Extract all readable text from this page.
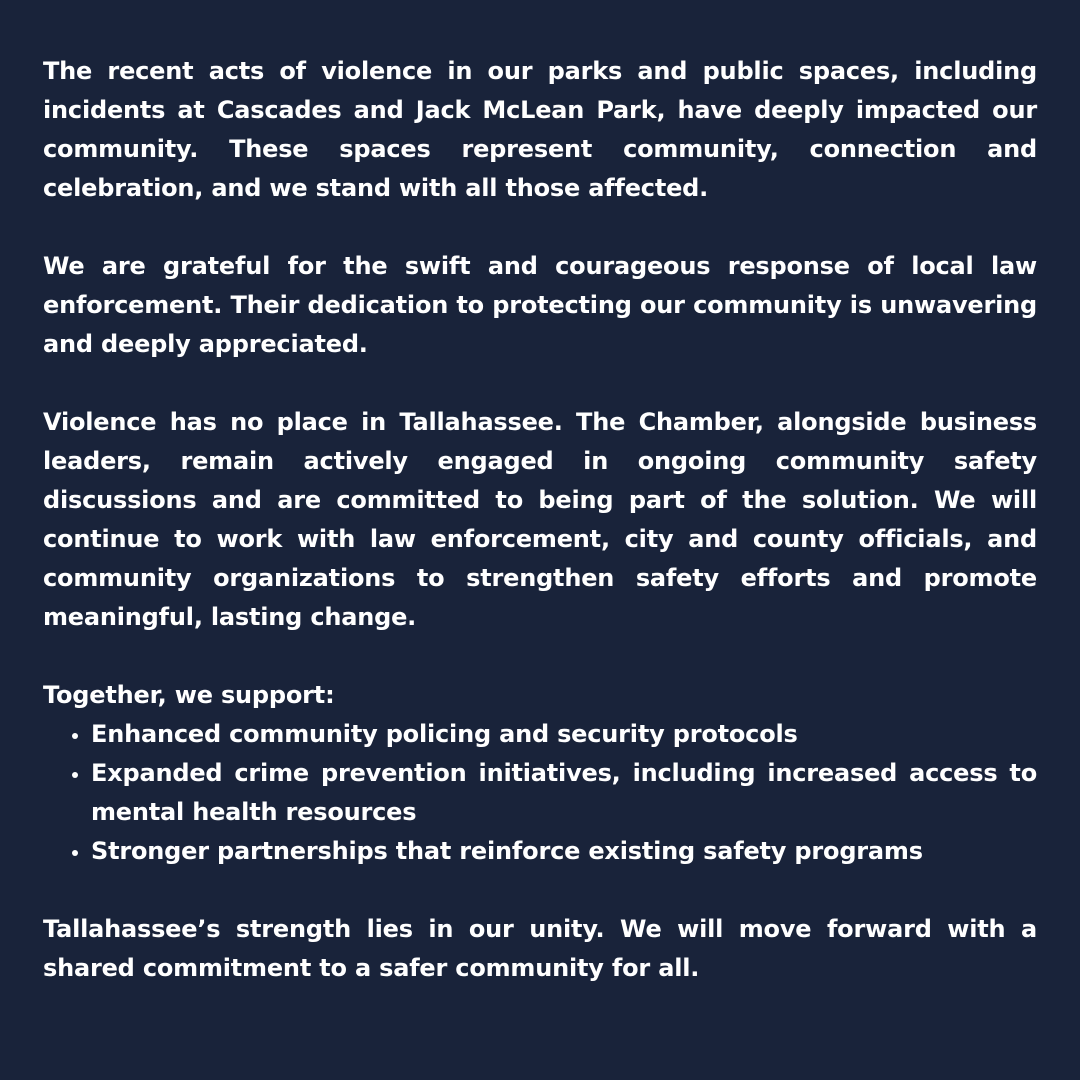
The recent acts of violence in our parks and public spaces, including incidents at Cascades and Jack McLean Park, have deeply impacted our community. These spaces represent community, connection and celebration, and we stand with all those affected.

We are grateful for the swift and courageous response of local law enforcement. Their dedication to protecting our community is unwavering and deeply appreciated.

Violence has no place in Tallahassee. The Chamber, alongside business leaders, remain actively engaged in ongoing community safety discussions and are committed to being part of the solution. We will continue to work with law enforcement, city and county officials, and community organizations to strengthen safety efforts and promote meaningful, lasting change.

Together, we support:

• Enhanced community policing and security protocols
• Expanded crime prevention initiatives, including increased access to mental health resources
• Stronger partnerships that reinforce existing safety programs

Tallahassee’s strength lies in our unity. We will move forward with a shared commitment to a safer community for all.
